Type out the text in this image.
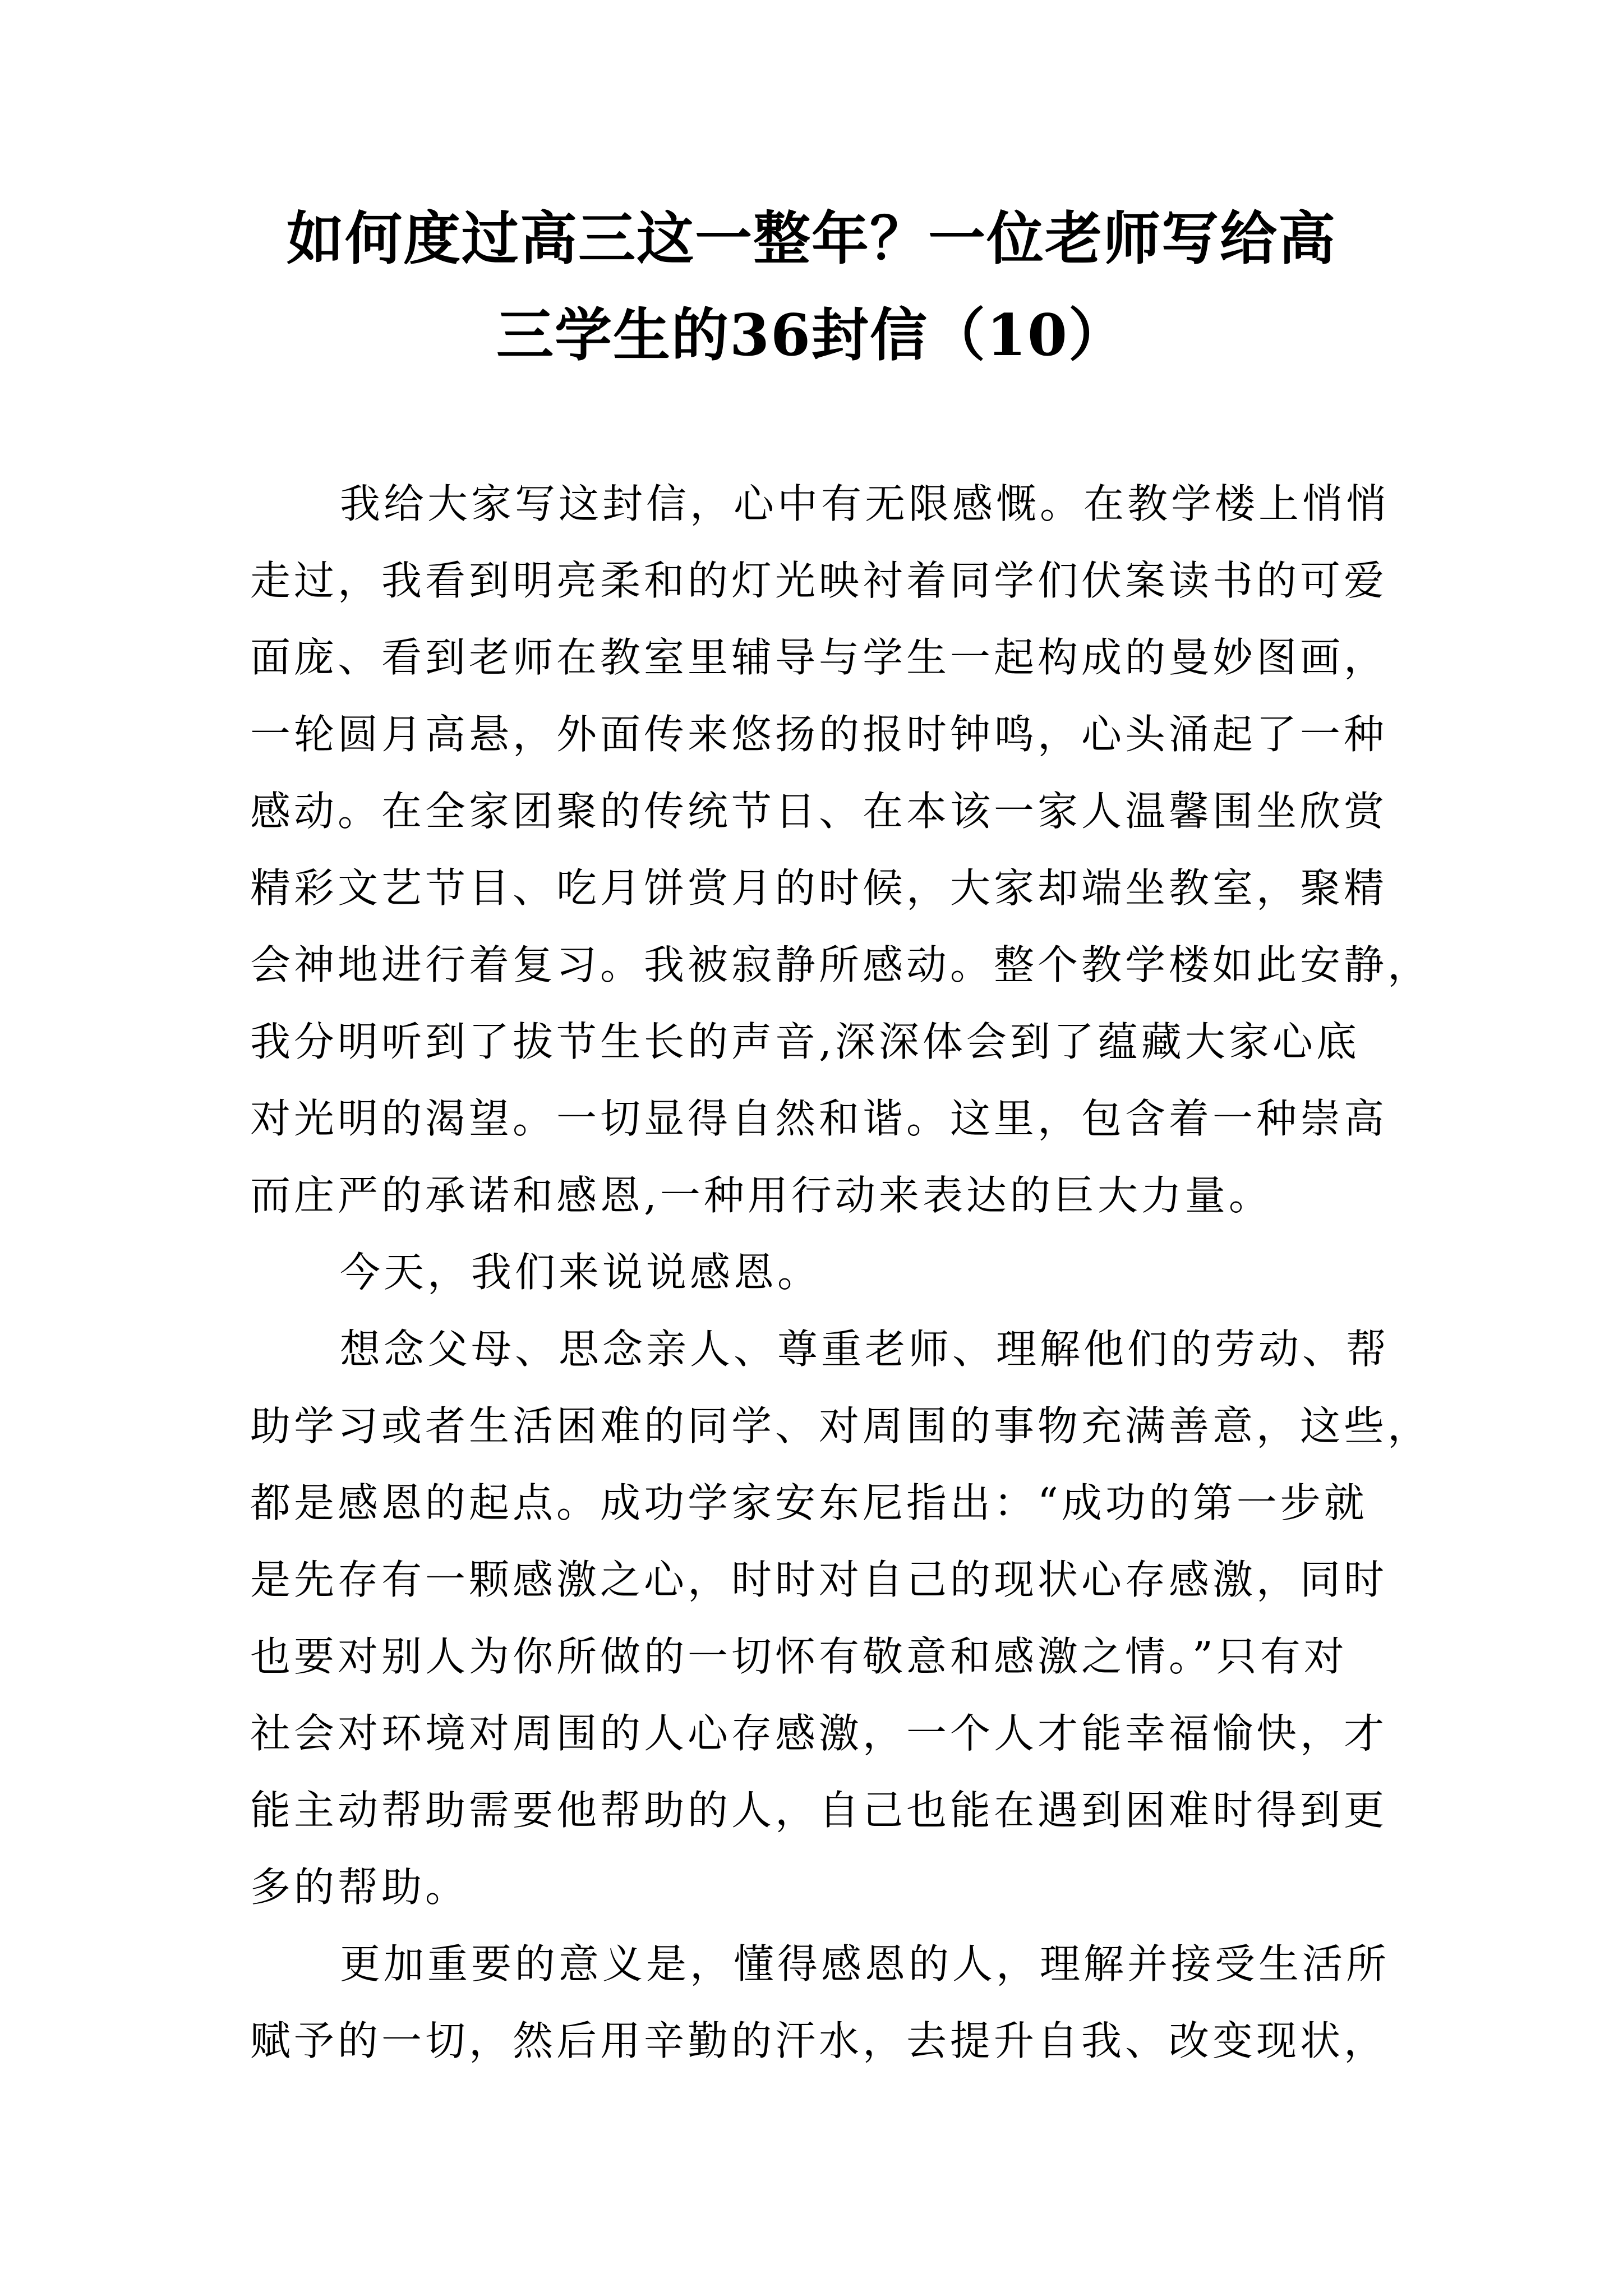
如何度过高三这一整年？一位老师写给高
三学生的36封信（10）

我给大家写这封信，心中有无限感慨。在教学楼上悄悄
走过，我看到明亮柔和的灯光映衬着同学们伏案读书的可爱
面庞、看到老师在教室里辅导与学生一起构成的曼妙图画，
一轮圆月高悬，外面传来悠扬的报时钟鸣，心头涌起了一种
感动。在全家团聚的传统节日、在本该一家人温馨围坐欣赏
精彩文艺节目、吃月饼赏月的时候，大家却端坐教室，聚精
会神地进行着复习。我被寂静所感动。整个教学楼如此安静，
我分明听到了拔节生长的声音,深深体会到了蕴藏大家心底
对光明的渴望。一切显得自然和谐。这里，包含着一种崇高
而庄严的承诺和感恩,一种用行动来表达的巨大力量。

今天，我们来说说感恩。

想念父母、思念亲人、尊重老师、理解他们的劳动、帮
助学习或者生活困难的同学、对周围的事物充满善意，这些，
都是感恩的起点。成功学家安东尼指出：“成功的第一步就
是先存有一颗感激之心，时时对自己的现状心存感激，同时
也要对别人为你所做的一切怀有敬意和感激之情。”只有对
社会对环境对周围的人心存感激，一个人才能幸福愉快，才
能主动帮助需要他帮助的人，自己也能在遇到困难时得到更
多的帮助。

更加重要的意义是，懂得感恩的人，理解并接受生活所
赋予的一切，然后用辛勤的汗水，去提升自我、改变现状，
